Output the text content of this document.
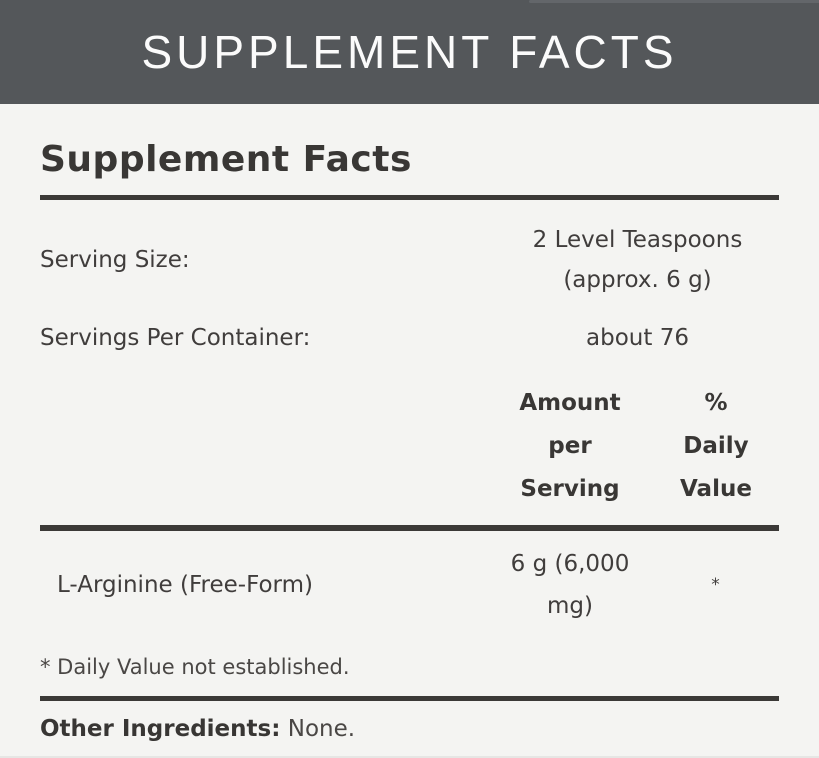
SUPPLEMENT FACTS
Supplement Facts
Serving Size:
2 Level Teaspoons
(approx. 6 g)
Servings Per Container:	about 76
Amount
per
Serving
% Daily
Value
L-Arginine (Free-Form)
6 g (6,000
mg)
*
* Daily Value not established.
Other Ingredients: None.
